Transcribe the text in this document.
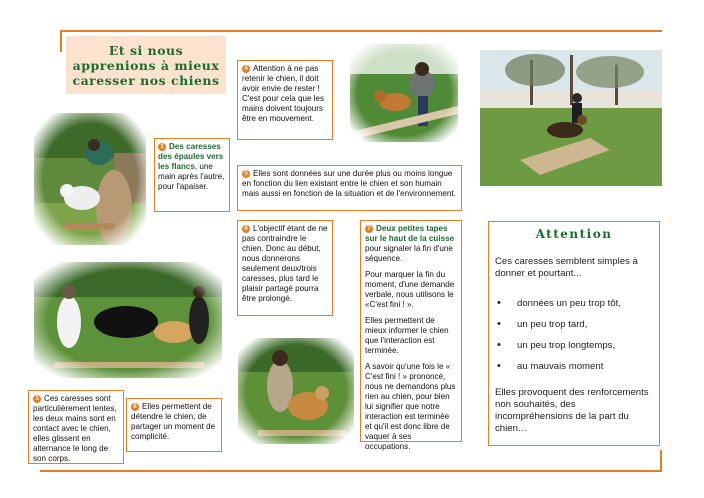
Et si nous apprenions à mieux caresser nos chiens
1 Des caresses des épaules vers les flancs, une main après l'autre, pour l'apaiser.
4 Attention à ne pas retenir le chien, il doit avoir envie de rester ! C'est pour cela que les mains doivent toujours être en mouvement.
5 Elles sont données sur une durée plus ou moins longue en fonction du lien existant entre le chien et son humain mais aussi en fonction de la situation et de l'environnement.
6 L'objectif étant de ne pas contraindre le chien. Donc au début, nous donnerons seulement deux/trois caresses, plus tard le plaisir partagé pourra être prolongé.

7 Deux petites tapes sur le haut de la cuisse pour signaler la fin d'une séquence.

Pour marquer la fin du moment, d'une demande verbale, nous utilisons le «C'est fini ! ».

Elles permettent de mieux informer le chien que l'interaction est terminée.

A savoir qu'une fois le « C'est fini ! » prononcé, nous ne demandons plus rien au chien, pour bien lui signifier que notre interaction est terminée et qu'il est donc libre de vaquer à ses occupations.

3 Ces caresses sont particulièrement lentes, les deux mains sont en contact avec le chien, elles glissent en alternance le long de son corps.
8 Elles permettent de détendre le chien, de partager un moment de complicité.
Attention
Ces caresses semblent simples à donner et pourtant...
• données un peu trop tôt,
• un peu trop tard,
• un peu trop longtemps,
• au mauvais moment
Elles provoquent des renforcements non souhaités, des incompréhensions de la part du chien…
